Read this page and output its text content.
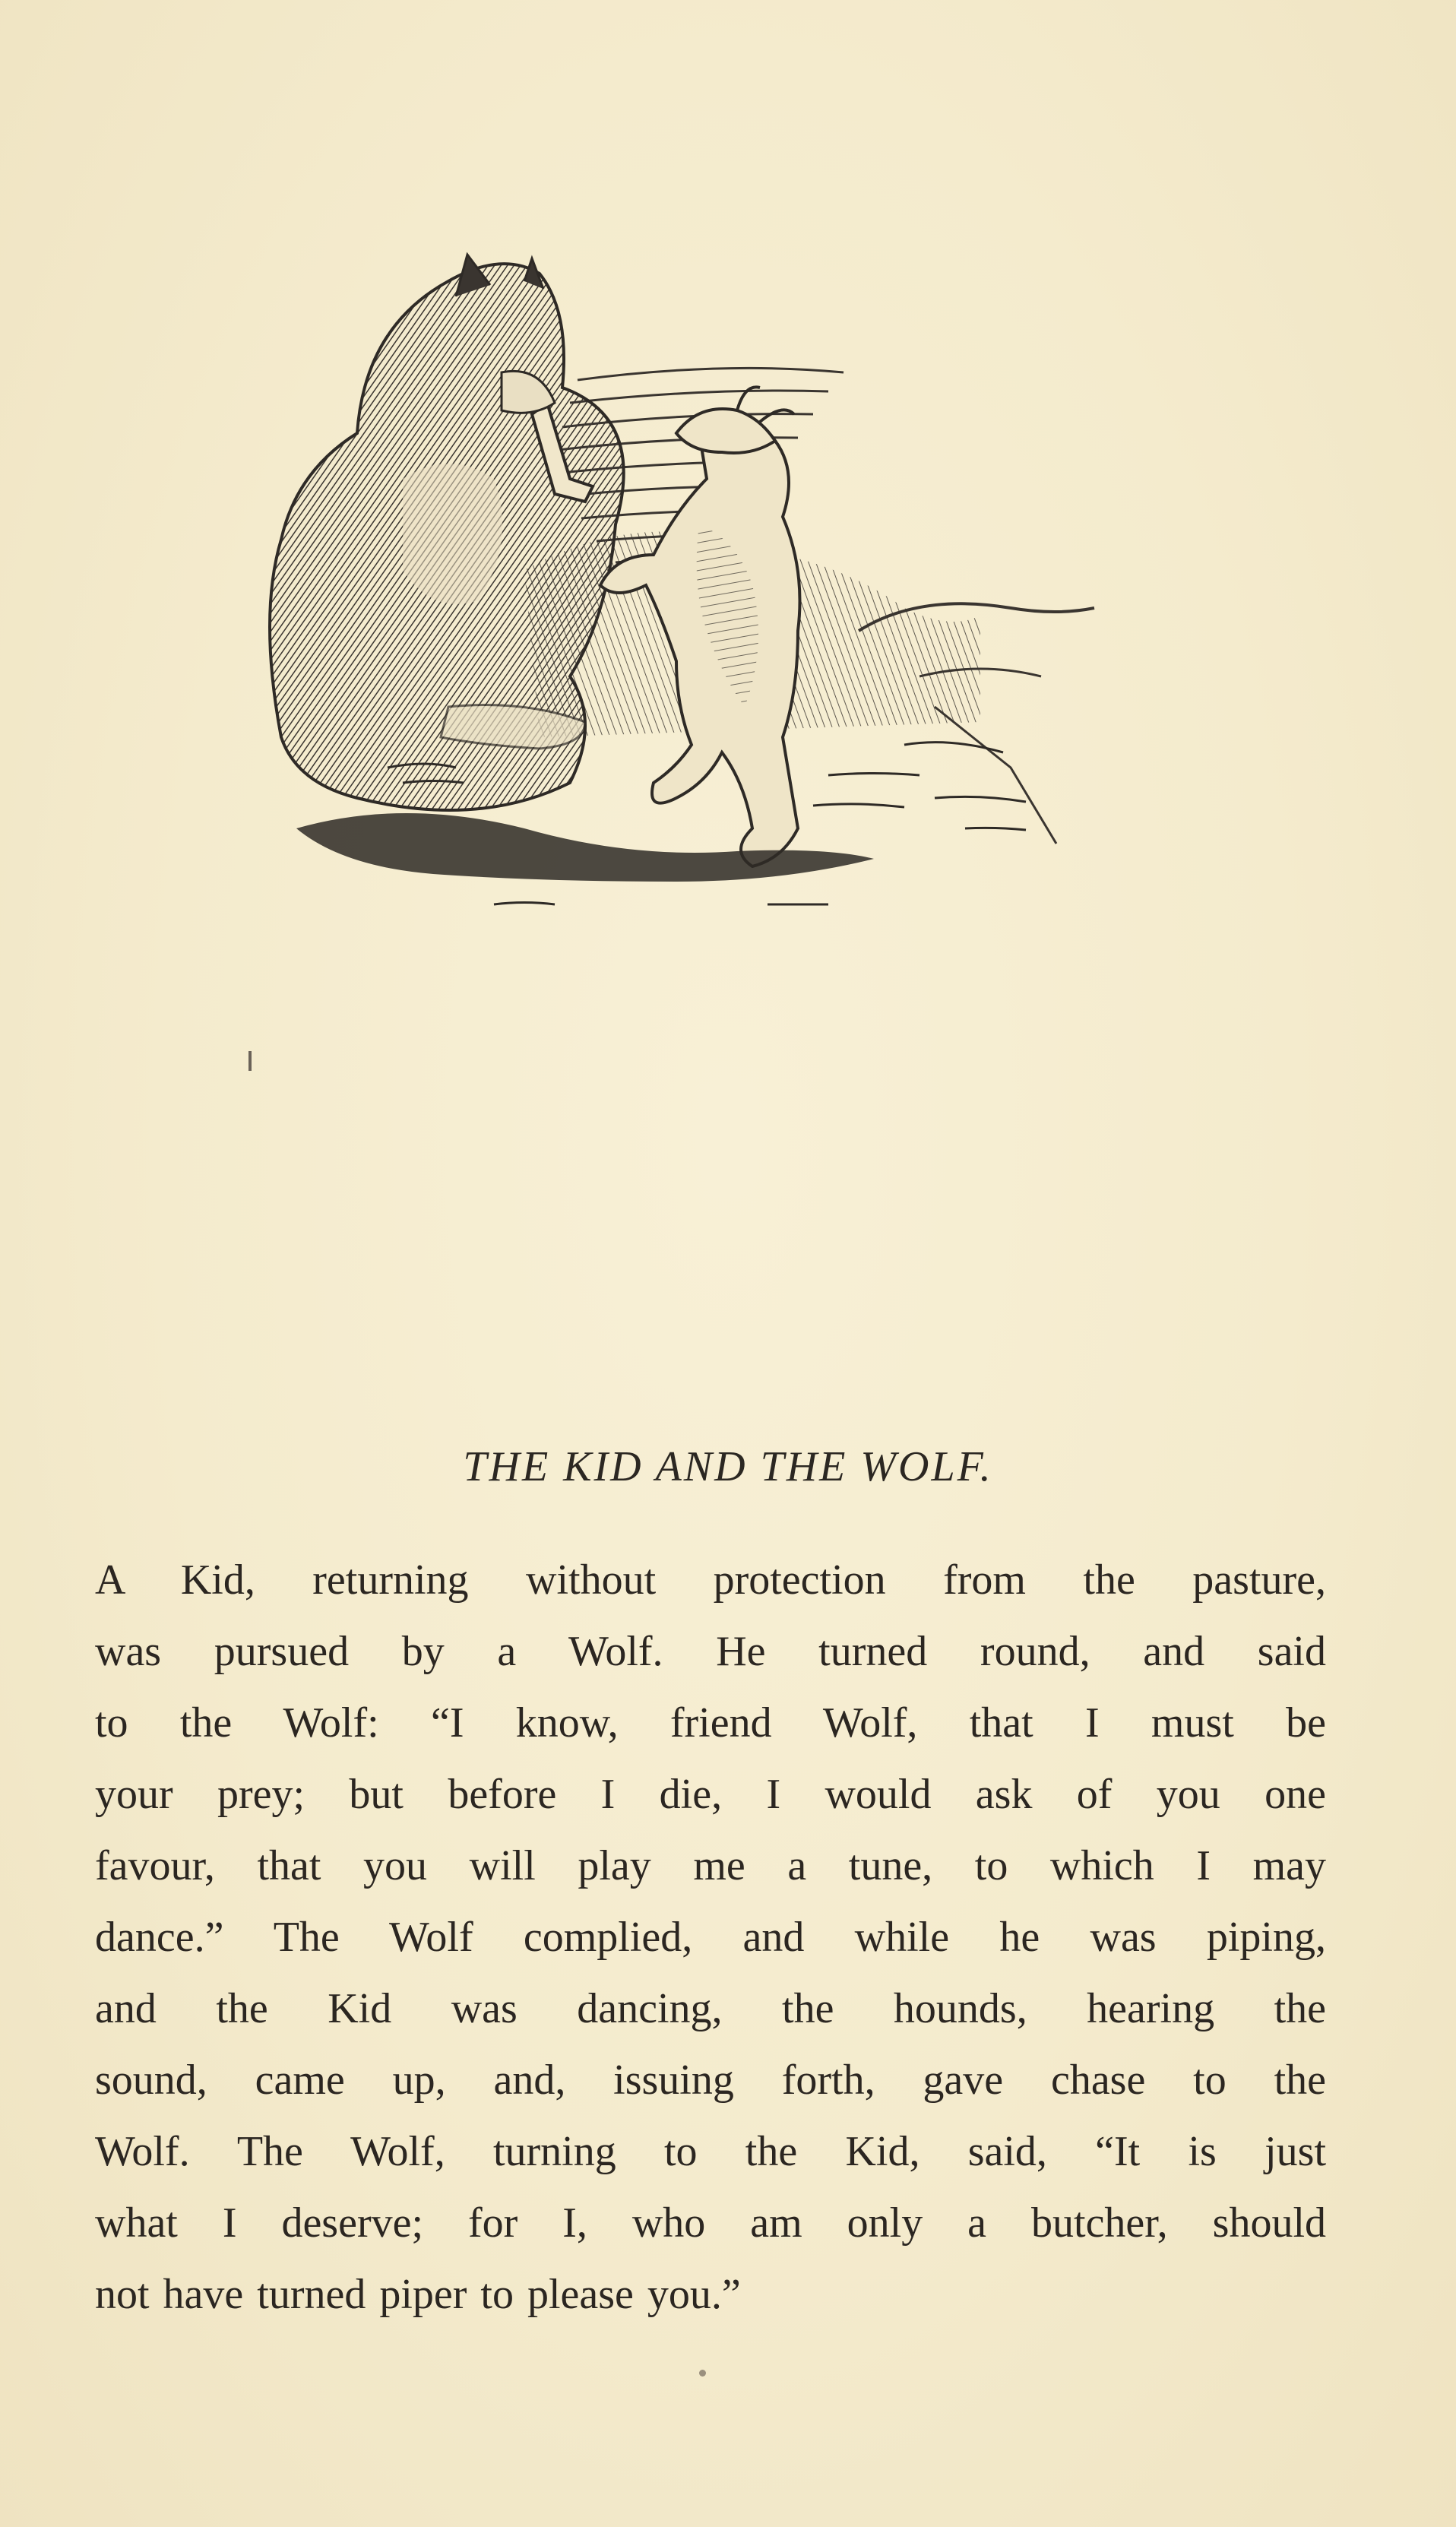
THE KID AND THE WOLF.
A Kid, returning without protection from the pasture,
was pursued by a Wolf. He turned round, and said
to the Wolf: “I know, friend Wolf, that I must be
your prey; but before I die, I would ask of you one
favour, that you will play me a tune, to which I may
dance.” The Wolf complied, and while he was piping,
and the Kid was dancing, the hounds, hearing the
sound, came up, and, issuing forth, gave chase to the
Wolf. The Wolf, turning to the Kid, said, “It is just
what I deserve; for I, who am only a butcher, should
not have turned piper to please you.”
